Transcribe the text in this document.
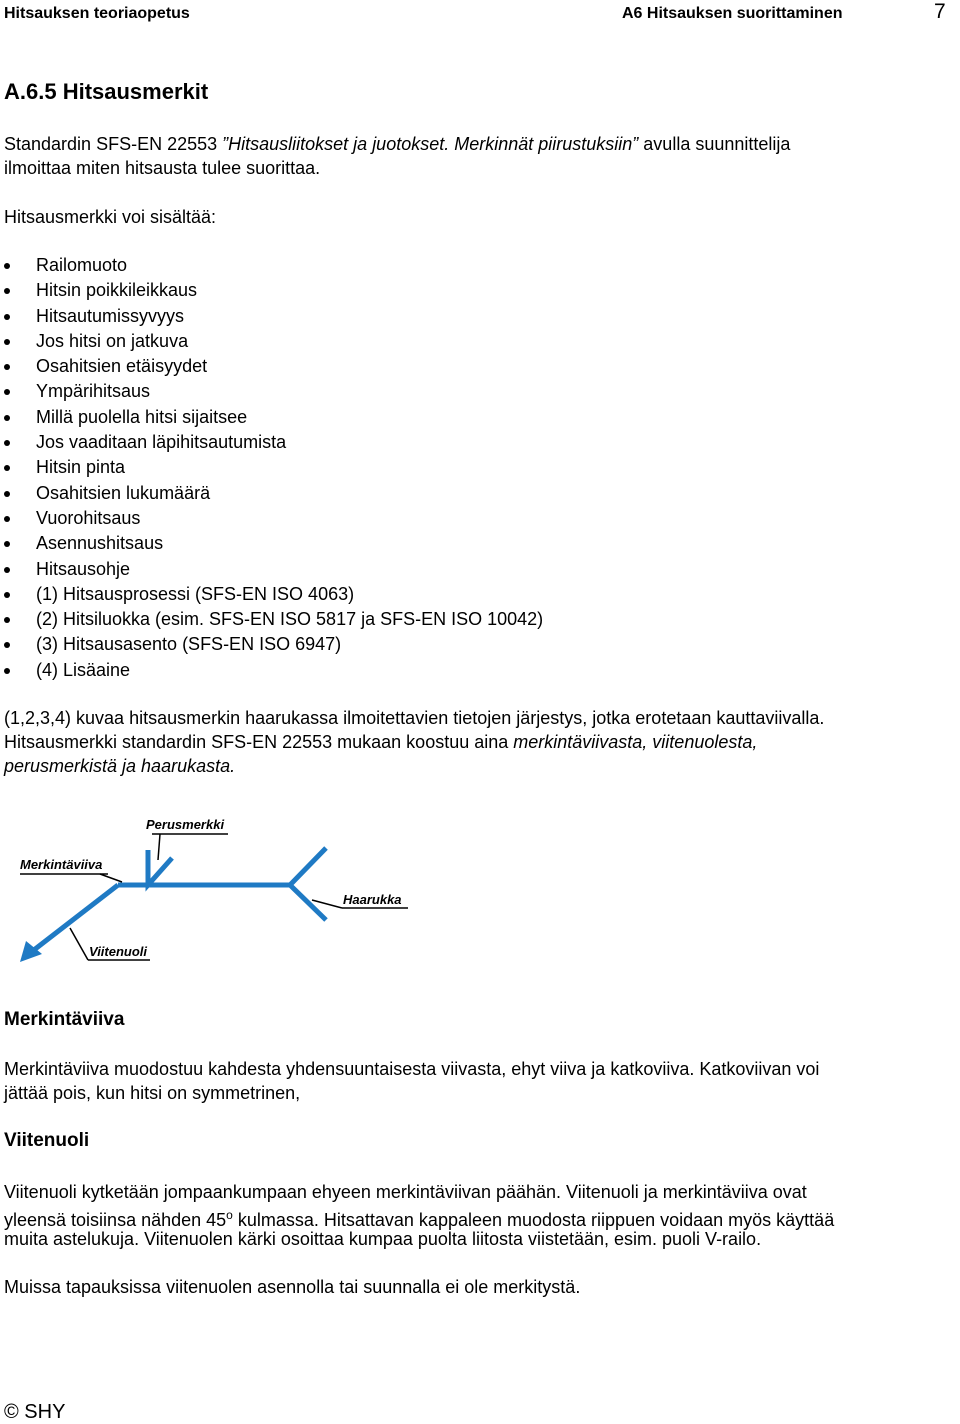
Hitsauksen teoriaopetus	A6 Hitsauksen suorittaminen	7
A.6.5 Hitsausmerkit
Standardin SFS-EN 22553 ”Hitsausliitokset ja juotokset. Merkinnät piirustuksiin” avulla suunnittelija
ilmoittaa miten hitsausta tulee suorittaa.
Hitsausmerkki voi sisältää:
Railomuoto
Hitsin poikkileikkaus
Hitsautumissyvyys
Jos hitsi on jatkuva
Osahitsien etäisyydet
Ympärihitsaus
Millä puolella hitsi sijaitsee
Jos vaaditaan läpihitsautumista
Hitsin pinta
Osahitsien lukumäärä
Vuorohitsaus
Asennushitsaus
Hitsausohje
(1) Hitsausprosessi (SFS-EN ISO 4063)
(2) Hitsiluokka (esim. SFS-EN ISO 5817 ja SFS-EN ISO 10042)
(3) Hitsausasento (SFS-EN ISO 6947)
(4) Lisäaine
(1,2,3,4) kuvaa hitsausmerkin haarukassa ilmoitettavien tietojen järjestys, jotka erotetaan kauttaviivalla.
Hitsausmerkki standardin SFS-EN 22553 mukaan koostuu aina merkintäviivasta, viitenuolesta,
perusmerkistä ja haarukasta.
Perusmerkki
Merkintäviiva
Haarukka
Viitenuoli
Merkintäviiva
Merkintäviiva muodostuu kahdesta yhdensuuntaisesta viivasta, ehyt viiva ja katkoviiva. Katkoviivan voi
jättää pois, kun hitsi on symmetrinen,
Viitenuoli
Viitenuoli kytketään jompaankumpaan ehyeen merkintäviivan päähän. Viitenuoli ja merkintäviiva ovat
yleensä toisiinsa nähden 45$^o$ kulmassa. Hitsattavan kappaleen muodosta riippuen voidaan myös käyttää
muita astelukuja. Viitenuolen kärki osoittaa kumpaa puolta liitosta viistetään, esim. puoli V-railo.
Muissa tapauksissa viitenuolen asennolla tai suunnalla ei ole merkitystä.
© SHY
